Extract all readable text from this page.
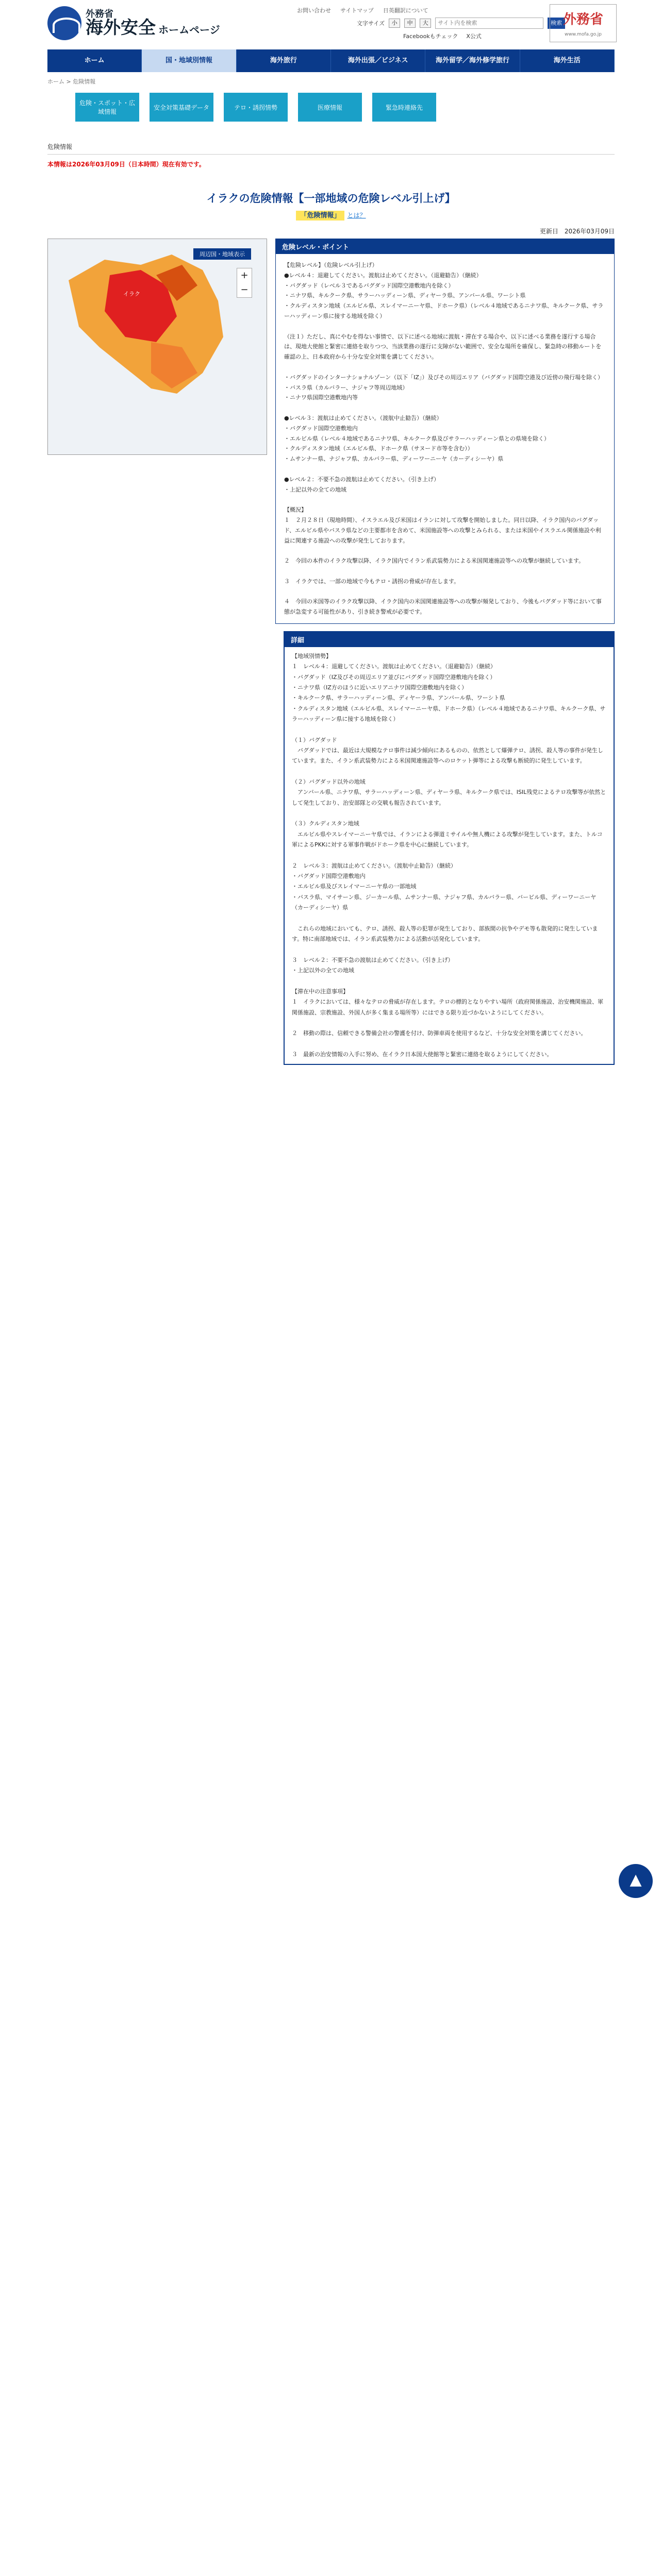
外務省
海外安全 ホームページ
お問い合わせ サイトマップ 日英翻訳について
文字サイズ	小	中	大
サイト内を検索	検索
Facebookもチェック X公式
外務省
www.mofa.go.jp
ホーム	国・地域別情報	海外旅行	海外出張／ビジネス	海外留学／海外修学旅行	海外生活
ホーム > 危険情報
危険・スポット・広域情報
安全対策基礎データ	テロ・誘拐情勢	医療情報	緊急時連絡先
危険情報
本情報は2026年03月09日（日本時間）現在有効です。
イラクの危険情報【一部地域の危険レベル引上げ】
「危険情報」 とは？
更新日　2026年03月09日
周辺国・地域表示
+
−
イラク
危険レベル・ポイント
【危険レベル】（危険レベル引上げ）
●レベル４：退避してください。渡航は止めてください。（退避勧告）（継続）
・バグダッド（レベル３であるバグダッド国際空港敷地内を除く）
・ニナワ県、キルクーク県、サラーハッディーン県、ディヤーラ県、アンバール県、ワーシト県
・クルディスタン地域（エルビル県、スレイマーニーヤ県、ドホーク県）（レベル４地域であるニナワ県、キルクーク県、サラーハッディーン県に接する地域を除く）

（注１）ただし、真にやむを得ない事情で、以下に述べる地域に渡航・滞在する場合や、以下に述べる業務を遂行する場合は、現地大使館と緊密に連絡を取りつつ、当該業務の遂行に支障がない範囲で、安全な場所を確保し、緊急時の移動ルートを確認の上、日本政府から十分な安全対策を講じてください。

・バグダッドのインターナショナルゾーン（以下「IZ」）及びその周辺エリア（バグダッド国際空港及び近傍の飛行場を除く）
・バスラ県（カルバラー、ナジャフ等周辺地域）
・ニナワ県国際空港敷地内等

●レベル３：渡航は止めてください。（渡航中止勧告）（継続）
・バグダッド国際空港敷地内
・エルビル県（レベル４地域であるニナワ県、キルクーク県及びサラーハッディーン県との県境を除く）
・クルディスタン地域（エルビル県、ドホーク県（サヌード市等を含む））
・ムサンナー県、ナジャフ県、カルバラー県、ディーワーニーヤ（カーディシーヤ）県

●レベル２：不要不急の渡航は止めてください。（引き上げ）
・上記以外の全ての地域

【概況】
１　２月２８日（現地時間）、イスラエル及び米国はイランに対して攻撃を開始しました。同日以降、イラク国内のバグダッド、エルビル県やバスラ県などの主要都市を含めて、米国施設等への攻撃とみられる、または米国やイスラエル関係施設や利益に関連する施設への攻撃が発生しております。

２　今回の本件のイラク攻撃以降、イラク国内でイラン系武装勢力による米国関連施設等への攻撃が継続しています。

３　イラクでは、一部の地域で今もテロ・誘拐の脅威が存在します。

４　今回の米国等のイラク攻撃以降、イラク国内の米国関連施設等への攻撃が頻発しており、今後もバグダッド等において事態が急変する可能性があり、引き続き警戒が必要です。
詳細
【地域別情勢】
１　レベル４：退避してください。渡航は止めてください。（退避勧告）（継続）
・バグダッド（IZ及びその周辺エリア並びにバグダッド国際空港敷地内を除く）
・ニナワ県（IZ方のほうに近いエリアニナワ国際空港敷地内を除く）
・キルクーク県、サラーハッディーン県、ディヤーラ県、アンバール県、ワーシト県
・クルディスタン地域（エルビル県、スレイマーニーヤ県、ドホーク県）（レベル４地域であるニナワ県、キルクーク県、サラーハッディーン県に接する地域を除く）

（１）バグダッド
　バグダッドでは、最近は大規模なテロ事件は減少傾向にあるものの、依然として爆弾テロ、誘拐、殺人等の事件が発生しています。また、イラン系武装勢力による米国関連施設等へのロケット弾等による攻撃も断続的に発生しています。

（２）バグダッド以外の地域
　アンバール県、ニナワ県、サラーハッディーン県、ディヤーラ県、キルクーク県では、ISIL残党によるテロ攻撃等が依然として発生しており、治安部隊との交戦も報告されています。

（３）クルディスタン地域
　エルビル県やスレイマーニーヤ県では、イランによる弾道ミサイルや無人機による攻撃が発生しています。また、トルコ軍によるPKKに対する軍事作戦がドホーク県を中心に継続しています。

２　レベル３：渡航は止めてください。（渡航中止勧告）（継続）
・バグダッド国際空港敷地内
・エルビル県及びスレイマーニーヤ県の一部地域
・バスラ県、マイサーン県、ジーカール県、ムサンナー県、ナジャフ県、カルバラー県、バービル県、ディーワーニーヤ（カーディシーヤ）県

　これらの地域においても、テロ、誘拐、殺人等の犯罪が発生しており、部族間の抗争やデモ等も散発的に発生しています。特に南部地域では、イラン系武装勢力による活動が活発化しています。

３　レベル２：不要不急の渡航は止めてください。（引き上げ）
・上記以外の全ての地域

【滞在中の注意事項】
１　イラクにおいては、様々なテロの脅威が存在します。テロの標的となりやすい場所（政府関係施設、治安機関施設、軍関係施設、宗教施設、外国人が多く集まる場所等）にはできる限り近づかないようにしてください。

２　移動の際は、信頼できる警備会社の警護を付け、防弾車両を使用するなど、十分な安全対策を講じてください。

３　最新の治安情報の入手に努め、在イラク日本国大使館等と緊密に連絡を取るようにしてください。
▲
